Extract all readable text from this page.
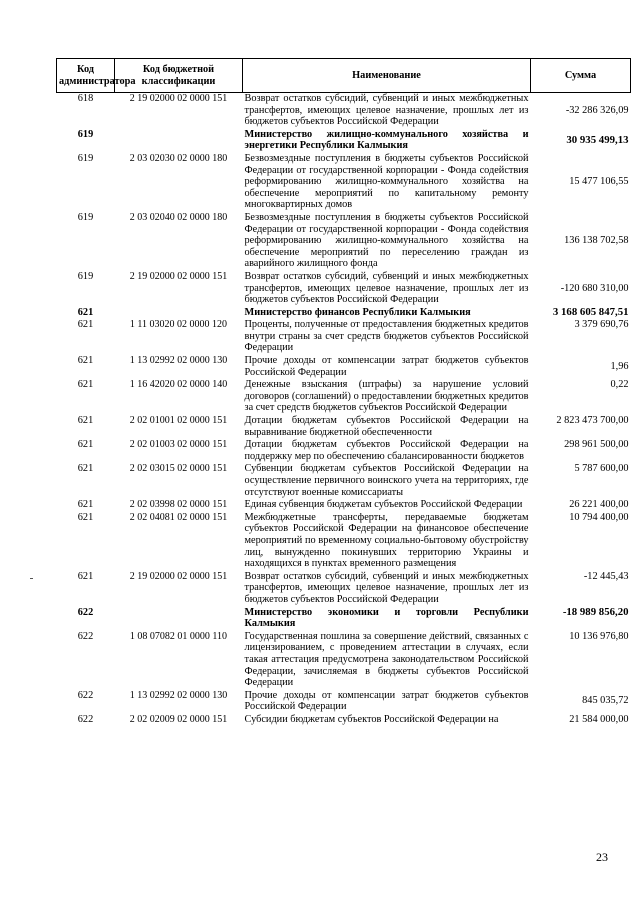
Код администратора	Код бюджетной классификации	Наименование	Сумма
618	2 19 02000 02 0000 151	Возврат остатков субсидий, субвенций и иных межбюджетных трансфертов, имеющих целевое назначение, прошлых лет из бюджетов субъектов Российской Федерации	-32 286 326,09
619		Министерство жилищно-коммунального хозяйства и энергетики Республики Калмыкия	30 935 499,13
619	2 03 02030 02 0000 180	Безвозмездные поступления в бюджеты субъектов Российской Федерации от государственной корпорации - Фонда содействия реформированию жилищно-коммунального хозяйства на обеспечение мероприятий по капитальному ремонту многоквартирных домов	15 477 106,55
619	2 03 02040 02 0000 180	Безвозмездные поступления в бюджеты субъектов Российской Федерации от государственной корпорации - Фонда содействия реформированию жилищно-коммунального хозяйства на обеспечение мероприятий по переселению граждан из аварийного жилищного фонда	136 138 702,58
619	2 19 02000 02 0000 151	Возврат остатков субсидий, субвенций и иных межбюджетных трансфертов, имеющих целевое назначение, прошлых лет из бюджетов субъектов Российской Федерации	-120 680 310,00
621		Министерство финансов Республики Калмыкия	3 168 605 847,51
621	1 11 03020 02 0000 120	Проценты, полученные от предоставления бюджетных кредитов внутри страны за счет средств бюджетов субъектов Российской Федерации	3 379 690,76
621	1 13 02992 02 0000 130	Прочие доходы от компенсации затрат бюджетов субъектов Российской Федерации	1,96
621	1 16 42020 02 0000 140	Денежные взыскания (штрафы) за нарушение условий договоров (соглашений) о предоставлении бюджетных кредитов за счет средств бюджетов субъектов Российской Федерации	0,22
621	2 02 01001 02 0000 151	Дотации бюджетам субъектов Российской Федерации на выравнивание бюджетной обеспеченности	2 823 473 700,00
621	2 02 01003 02 0000 151	Дотации бюджетам субъектов Российской Федерации на поддержку мер по обеспечению сбалансированности бюджетов	298 961 500,00
621	2 02 03015 02 0000 151	Субвенции бюджетам субъектов Российской Федерации на осуществление первичного воинского учета на территориях, где отсутствуют военные комиссариаты	5 787 600,00
621	2 02 03998 02 0000 151	Единая субвенция бюджетам субъектов Российской Федерации	26 221 400,00
621	2 02 04081 02 0000 151	Межбюджетные трансферты, передаваемые бюджетам субъектов Российской Федерации на финансовое обеспечение мероприятий по временному социально-бытовому обустройству лиц, вынужденно покинувших территорию Украины и находящихся в пунктах временного размещения	10 794 400,00
621	2 19 02000 02 0000 151	Возврат остатков субсидий, субвенций и иных межбюджетных трансфертов, имеющих целевое назначение, прошлых лет из бюджетов субъектов Российской Федерации	-12 445,43
622		Министерство экономики и торговли Республики Калмыкия	-18 989 856,20
622	1 08 07082 01 0000 110	Государственная пошлина за совершение действий, связанных с лицензированием, с проведением аттестации в случаях, если такая аттестация предусмотрена законодательством Российской Федерации, зачисляемая в бюджеты субъектов Российской Федерации	10 136 976,80
622	1 13 02992 02 0000 130	Прочие доходы от компенсации затрат бюджетов субъектов Российской Федерации	845 035,72
622	2 02 02009 02 0000 151	Субсидии бюджетам субъектов Российской Федерации на	21 584 000,00
23
